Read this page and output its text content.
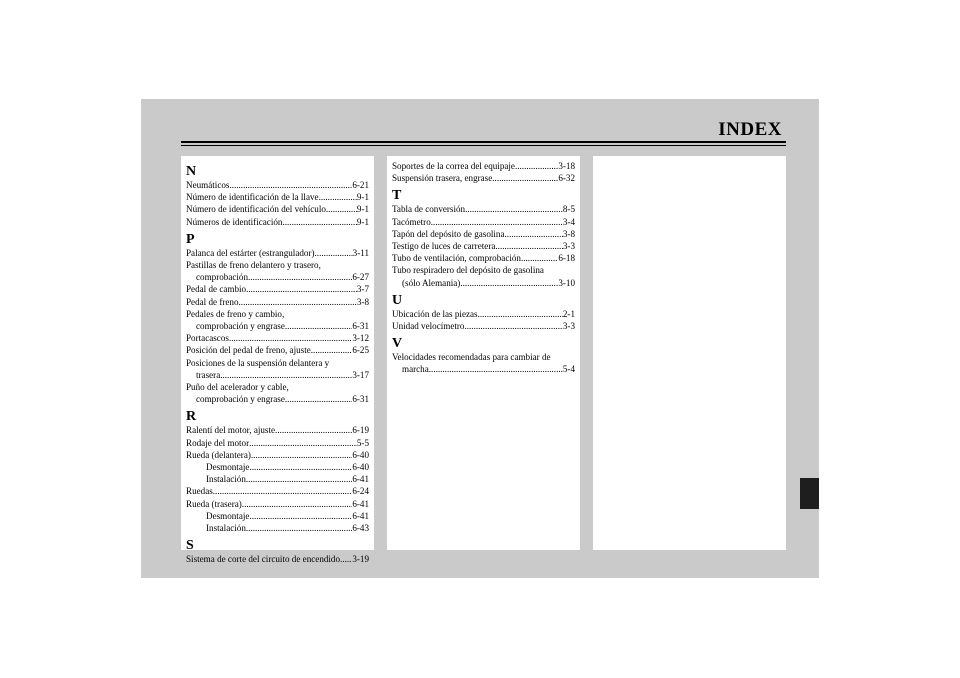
INDEX
N
Neumáticos .....	6-21
Número de identificación de la llave .....	9-1
Número de identificación del vehículo .....	9-1
Números de identificación .....	9-1
P
Palanca del estárter (estrangulador) .....	3-11
Pastillas de freno delantero y trasero,
comprobación .....	6-27
Pedal de cambio .....	3-7
Pedal de freno .....	3-8
Pedales de freno y cambio,
comprobación y engrase .....	6-31
Portacascos .....	3-12
Posición del pedal de freno, ajuste .....	6-25
Posiciones de la suspensión delantera y
trasera .....	3-17
Puño del acelerador y cable,
comprobación y engrase .....	6-31
R
Ralentí del motor, ajuste .....	6-19
Rodaje del motor .....	5-5
Rueda (delantera) .....	6-40
Desmontaje .....	6-40
Instalación .....	6-41
Ruedas .....	6-24
Rueda (trasera) .....	6-41
Desmontaje .....	6-41
Instalación .....	6-43
S
Sistema de corte del circuito de encendido ..... 3-19
Soportes de la correa del equipaje .....	3-18
Suspensión trasera, engrase .....	6-32
T
Tabla de conversión .....	8-5
Tacómetro .....	3-4
Tapón del depósito de gasolina .....	3-8
Testigo de luces de carretera .....	3-3
Tubo de ventilación, comprobación .....	6-18
Tubo respiradero del depósito de gasolina
(sólo Alemania) .....	3-10
U
Ubicación de las piezas .....	2-1
Unidad velocímetro .....	3-3
V
Velocidades recomendadas para cambiar de
marcha .....	5-4
